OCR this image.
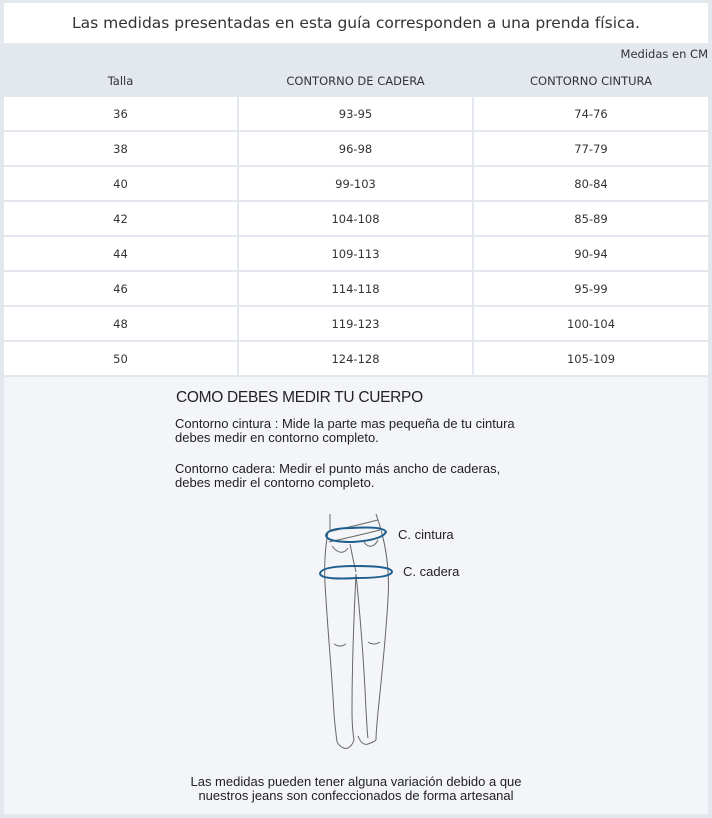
Las medidas presentadas en esta guía corresponden a una prenda física.
Medidas en CM
Talla	CONTORNO DE CADERA	CONTORNO CINTURA
36	93-95	74-76
38	96-98	77-79
40	99-103	80-84
42	104-108	85-89
44	109-113	90-94
46	114-118	95-99
48	119-123	100-104
50	124-128	105-109
COMO DEBES MEDIR TU CUERPO
Contorno cintura : Mide la parte mas pequeña de tu cintura
debes medir en contorno completo.
Contorno cadera: Medir el punto más ancho de caderas,
debes medir el contorno completo.
C. cintura
C. cadera
Las medidas pueden tener alguna variación debido a que
nuestros jeans son confeccionados de forma artesanal
